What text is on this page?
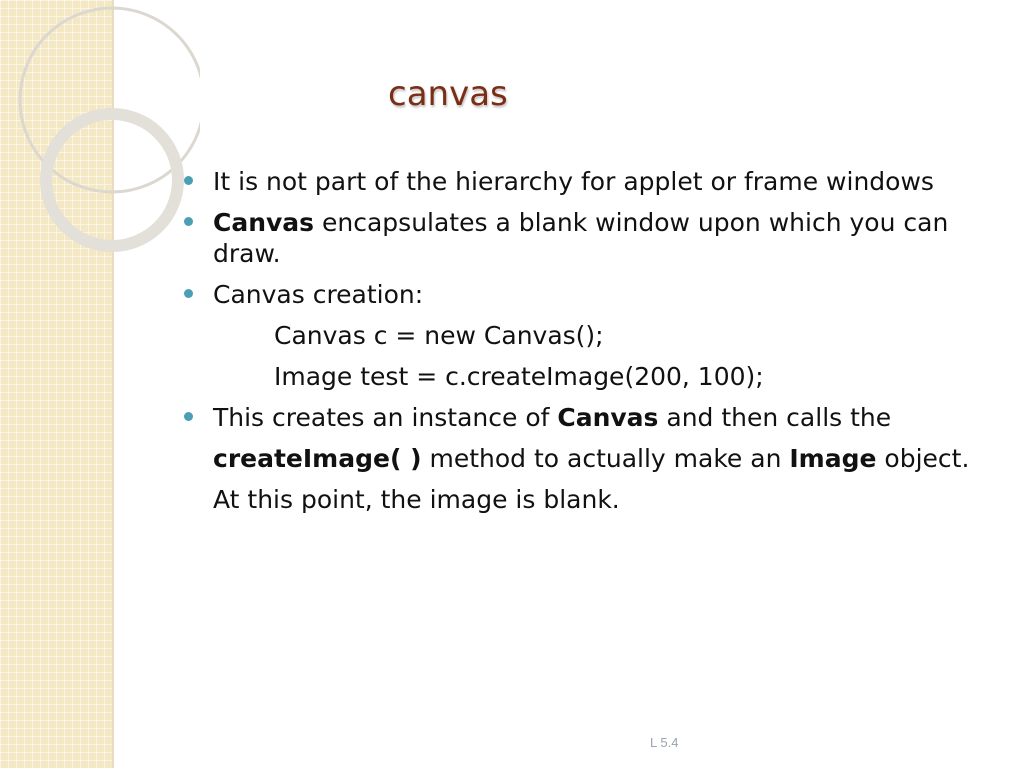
canvas

It is not part of the hierarchy for applet or frame windows

Canvas encapsulates a blank window upon which you can draw.

Canvas creation:

Canvas c = new Canvas();

Image test = c.createImage(200, 100);

This creates an instance of Canvas and then calls the

createImage( ) method to actually make an Image object.

At this point, the image is blank.

L 5.4
